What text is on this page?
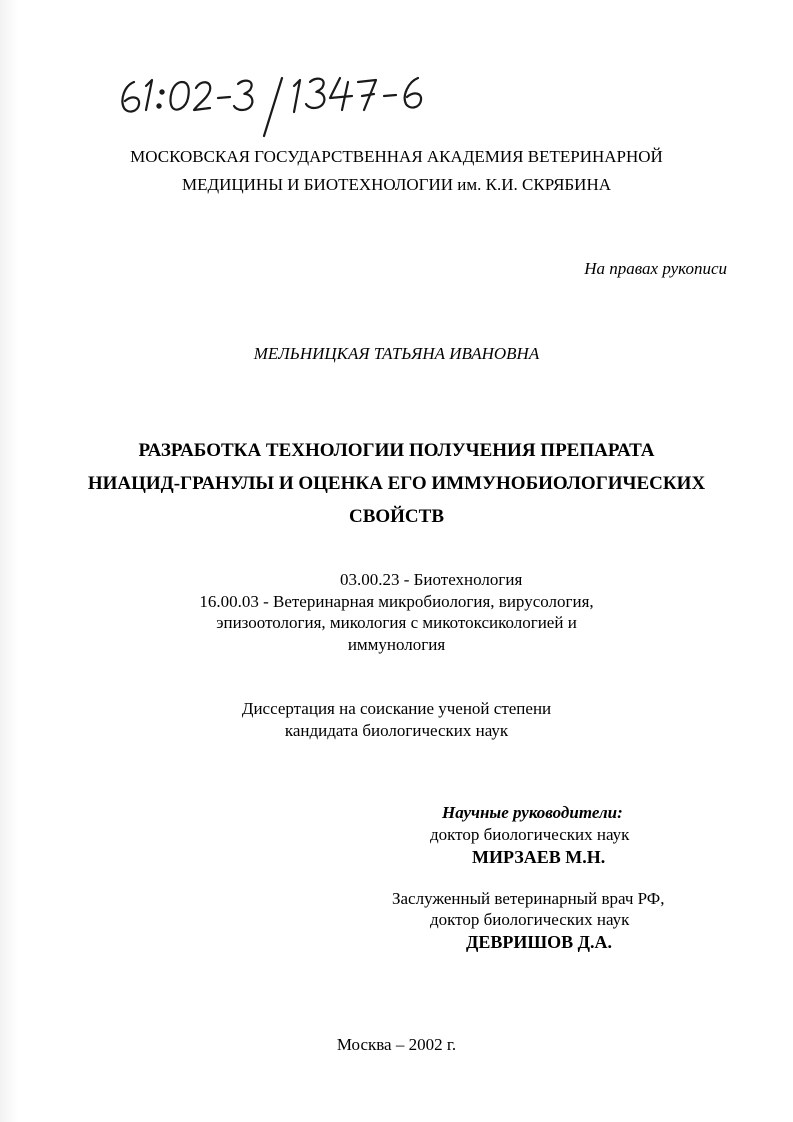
МОСКОВСКАЯ ГОСУДАРСТВЕННАЯ АКАДЕМИЯ ВЕТЕРИНАРНОЙ
МЕДИЦИНЫ И БИОТЕХНОЛОГИИ им. К.И. СКРЯБИНА
На правах рукописи
МЕЛЬНИЦКАЯ ТАТЬЯНА ИВАНОВНА
РАЗРАБОТКА ТЕХНОЛОГИИ ПОЛУЧЕНИЯ ПРЕПАРАТА
НИАЦИД-ГРАНУЛЫ И ОЦЕНКА ЕГО ИММУНОБИОЛОГИЧЕСКИХ
СВОЙСТВ
03.00.23 - Биотехнология
16.00.03 - Ветеринарная микробиология, вирусология,
эпизоотология, микология с микотоксикологией и
иммунология
Диссертация на соискание ученой степени
кандидата биологических наук
Научные руководители:
доктор биологических наук
МИРЗАЕВ М.Н.
Заслуженный ветеринарный врач РФ,
доктор биологических наук
ДЕВРИШОВ Д.А.
Москва – 2002 г.
